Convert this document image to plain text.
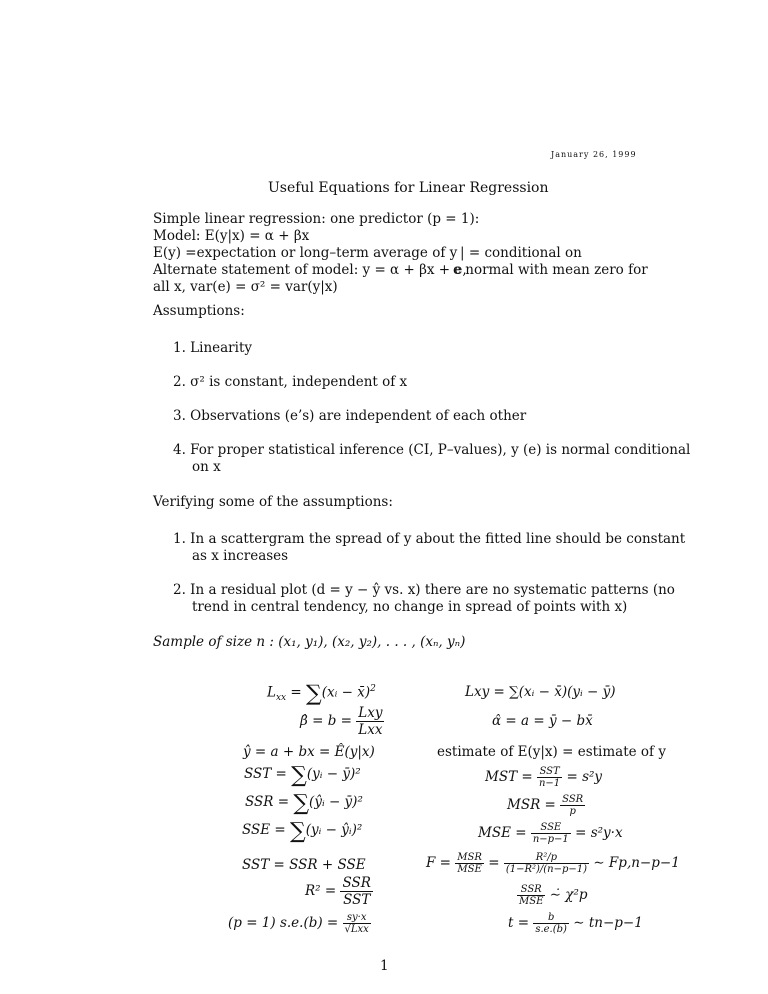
January 26, 1999
Useful Equations for Linear Regression
Simple linear regression: one predictor (p = 1):
Model: E(y|x) = α + βx
E(y) =expectation or long–term average of y | = conditional on
Alternate statement of model: y = α + βx + e,
e normal with mean zero for
all x, var(e) = σ² = var(y|x)
Assumptions:
1. Linearity
2. σ² is constant, independent of x
3. Observations (e’s) are independent of each other
4. For proper statistical inference (CI, P–values), y (e) is normal conditional
on x
Verifying some of the assumptions:
1. In a scattergram the spread of y about the fitted line should be constant
as x increases
2. In a residual plot (d = y − ŷ vs. x) there are no systematic patterns (no
trend in central tendency, no change in spread of points with x)
Sample of size n : (x₁, y₁), (x₂, y₂), . . . , (xₙ, yₙ)
$L_{xx}$ = ∑(xᵢ − x̄)$^2$
β̂ = $b = \frac{\text{Lxy}}{\text{Lxx}}$
ŷ = a + bx = Ê(y|x)
SST = ∑(yᵢ − ȳ)²
SSR = ∑(ŷᵢ − ȳ)²
SSE = ∑(yᵢ − ŷᵢ)²
SST = SSR + SSE
$R^2 = \frac{\text{SSR}}{\text{SST}}$
(p = 1) $s.e.(b) = \frac{sy\cdot x}{\text{√Lxx}}$
Lxy = ∑(xᵢ − x̄)(yᵢ − ȳ)
α̂ = a = ȳ − bx̄
estimate of E(y|x) = estimate of y
MST = $\frac{\text{SST}}{n-1} = s^2y$
MSR = $\frac{\text{SSR}}{p}$
MSE = $\frac{\text{SSE}}{n-p-1} = s^2y\cdot x$
$F = \frac{\text{MSR}}{\text{MSE}} = \frac{\text{R²/p}}{\text{(1−R²)/(n−p−1)}}$ ∼ Fp,n−p−1
$\frac{\text{SSR}}{\text{MSE}}$ ∼̇ χ²p
$t = \frac{b}{s.e.(b)}$ ∼ tn−p−1
1
